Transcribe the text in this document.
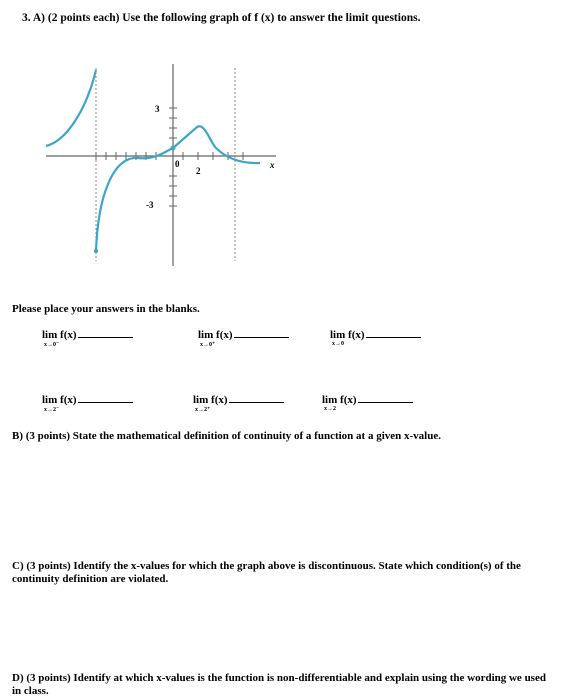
3. A) (2 points each) Use the following graph of f (x) to answer the limit questions.
3
-3
0
2
x
Please place your answers in the blanks.
lim f(x)
x→0⁻
lim f(x)
x→0⁺
lim f(x)
x→0
lim f(x)
x→2⁻
lim f(x)
x→2⁺
lim f(x)
x→2
B) (3 points) State the mathematical definition of continuity of a function at a given x-value.
C) (3 points) Identify the x-values for which the graph above is discontinuous. State which condition(s) of the continuity definition are violated.
D) (3 points) Identify at which x-values is the function is non-differentiable and explain using the wording we used in class.
